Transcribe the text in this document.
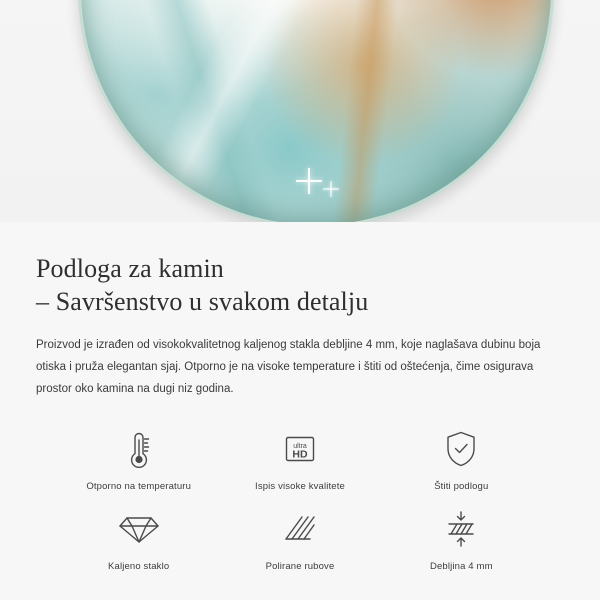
Podloga za kamin
– Savršenstvo u svakom detalju

Proizvod je izrađen od visokokvalitetnog kaljenog stakla debljine 4 mm, koje naglašava dubinu boja otiska i pruža elegantan sjaj. Otporno je na visoke temperature i štiti od oštećenja, čime osigurava prostor oko kamina na dugi niz godina.

Otporno na temperaturu
ultra
HD
Ispis visoke kvalitete	Štiti podlogu
Kaljeno staklo	Polirane rubove	Debljina 4 mm
